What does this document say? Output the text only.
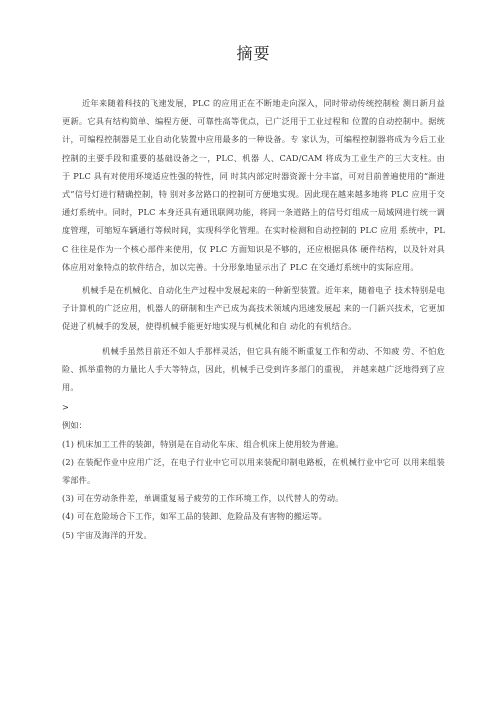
摘要

近年来随着科技的飞速发展，PLC 的应用正在不断地走向深入，同时带动传统控制检 测日新月益更新。它具有结构简单、编程方便、可靠性高等优点，已广泛用于工业过程和 位置的自动控制中。据统计，可编程控制器是工业自动化装置中应用最多的一种设备。专 家认为，可编程控制器将成为今后工业控制的主要手段和重要的基础设备之一，PLC、机器 人、CAD/CAM 将成为工业生产的三大支柱。由于 PLC 具有对使用环境适应性强的特性，同 时其内部定时器资源十分丰富，可对目前普遍使用的“渐进式”信号灯进行精确控制，特 别对多岔路口的控制可方便地实现。因此现在越来越多地将 PLC 应用于交通灯系统中。同时，PLC 本身还具有通讯联网功能，将同一条道路上的信号灯组成一局域网进行统一调 度管理，可缩短车辆通行等候时间，实现科学化管理。在实时检测和自动控制的 PLC 应用 系统中，PLC 往往是作为一个核心部件来使用，仅 PLC 方面知识是不够的，还应根据具体 硬件结构，以及针对具体应用对象特点的软件结合，加以完善。十分形象地显示出了 PLC 在交通灯系统中的实际应用。

机械手是在机械化、自动化生产过程中发展起来的一种新型装置。近年来，随着电子 技术特别是电子计算机的广泛应用，机器人的研制和生产已成为高技术领域内迅速发展起 来的一门新兴技术，它更加促进了机械手的发展，使得机械手能更好地实现与机械化和自 动化的有机结合。

机械手虽然目前还不如人手那样灵活，但它具有能不断重复工作和劳动、不知疲 劳、不怕危险、抓举重物的力量比人手大等特点，因此，机械手已受到许多部门的重视， 并越来越广泛地得到了应用。

>

例如：

(1) 机床加工工件的装卸，特别是在自动化车床、组合机床上使用较为普遍。

(2) 在装配作业中应用广泛，在电子行业中它可以用来装配印制电路板，在机械行业中它可 以用来组装零部件。

(3) 可在劳动条件差，单调重复易子疲劳的工作环境工作，以代替人的劳动。

(4) 可在危险场合下工作，如军工品的装卸、危险品及有害物的搬运等。

(5) 宇宙及海洋的开发。
